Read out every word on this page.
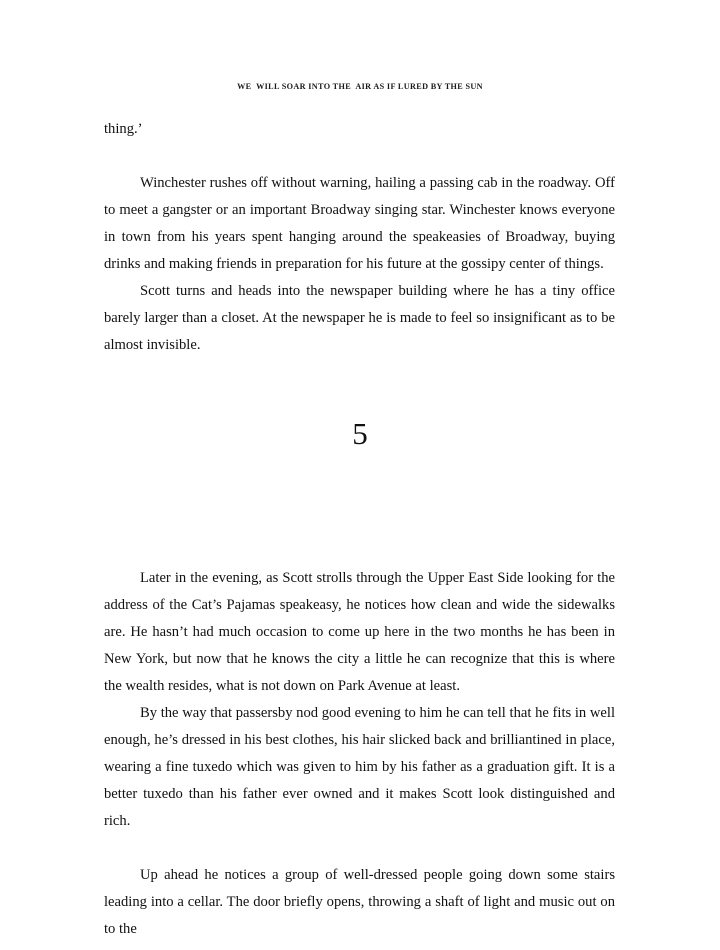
WE  WILL SOAR INTO THE  AIR AS IF LURED BY THE SUN

thing.’

Winchester rushes off without warning, hailing a passing cab in the roadway. Off to meet a gangster or an important Broadway singing star. Winchester knows everyone in town from his years spent hanging around the speakeasies of Broadway, buying drinks and making friends in preparation for his future at the gossipy center of things.

Scott turns and heads into the newspaper building where he has a tiny office barely larger than a closet. At the newspaper he is made to feel so insignificant as to be almost invisible.

5

Later in the evening, as Scott strolls through the Upper East Side looking for the address of the Cat’s Pajamas speakeasy, he notices how clean and wide the sidewalks are. He hasn’t had much occasion to come up here in the two months he has been in New York, but now that he knows the city a little he can recognize that this is where the wealth resides, what is not down on Park Avenue at least.

By the way that passersby nod good evening to him he can tell that he fits in well enough, he’s dressed in his best clothes, his hair slicked back and brilliantined in place, wearing a fine tuxedo which was given to him by his father as a graduation gift. It is a better tuxedo than his father ever owned and it makes Scott look distinguished and rich.

Up ahead he notices a group of well-dressed people going down some stairs leading into a cellar. The door briefly opens, throwing a shaft of light and music out on to the
